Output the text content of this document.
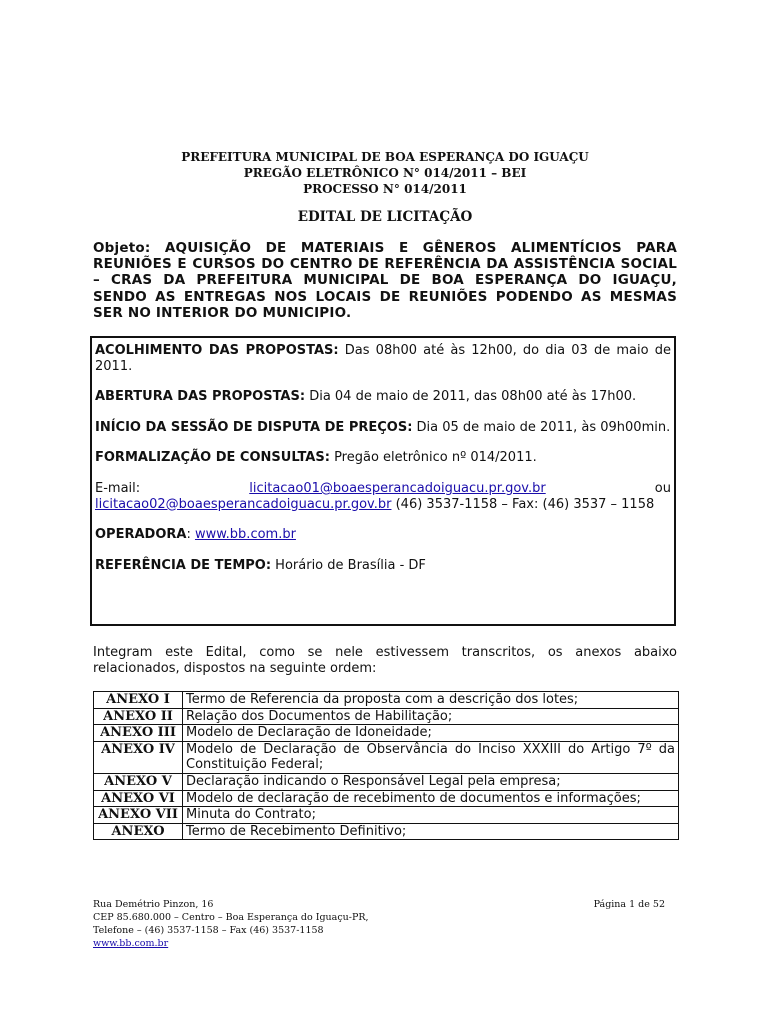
PREFEITURA MUNICIPAL DE BOA ESPERANÇA DO IGUAÇU
PREGÃO ELETRÔNICO N° 014/2011 – BEI
PROCESSO N° 014/2011
EDITAL DE LICITAÇÃO
Objeto: AQUISIÇÃO DE MATERIAIS E GÊNEROS ALIMENTÍCIOS PARA REUNIÕES E CURSOS DO CENTRO DE REFERÊNCIA DA ASSISTÊNCIA SOCIAL – CRAS DA PREFEITURA MUNICIPAL DE BOA ESPERANÇA DO IGUAÇU, SENDO AS ENTREGAS NOS LOCAIS DE REUNIÕES PODENDO AS MESMAS SER NO INTERIOR DO MUNICIPIO.

ACOLHIMENTO DAS PROPOSTAS: Das 08h00 até às 12h00, do dia 03 de maio de 2011.

ABERTURA DAS PROPOSTAS: Dia 04 de maio de 2011, das 08h00 até às 17h00.

INÍCIO DA SESSÃO DE DISPUTA DE PREÇOS: Dia 05 de maio de 2011, às 09h00min.

FORMALIZAÇÃO DE CONSULTAS: Pregão eletrônico nº 014/2011.

E-mail:	licitacao01@boaesperancadoiguacu.pr.gov.br	ou
licitacao02@boaesperancadoiguacu.pr.gov.br (46) 3537-1158 – Fax: (46) 3537 – 1158

OPERADORA: www.bb.com.br

REFERÊNCIA DE TEMPO: Horário de Brasília - DF

Integram este Edital, como se nele estivessem transcritos, os anexos abaixo relacionados, dispostos na seguinte ordem:
ANEXO I	Termo de Referencia da proposta com a descrição dos lotes;
ANEXO II	Relação dos Documentos de Habilitação;
ANEXO III	Modelo de Declaração de Idoneidade;
ANEXO IV	Modelo de Declaração de Observância do Inciso XXXIII do Artigo 7º da Constituição Federal;
ANEXO V	Declaração indicando o Responsável Legal pela empresa;
ANEXO VI	Modelo de declaração de recebimento de documentos e informações;
ANEXO VII	Minuta do Contrato;
ANEXO	Termo de Recebimento Definitivo;
Rua Demétrio Pinzon, 16
CEP 85.680.000 – Centro – Boa Esperança do Iguaçu-PR,
Telefone – (46) 3537-1158 – Fax (46) 3537-1158
www.bb.com.br
Página 1 de 52
